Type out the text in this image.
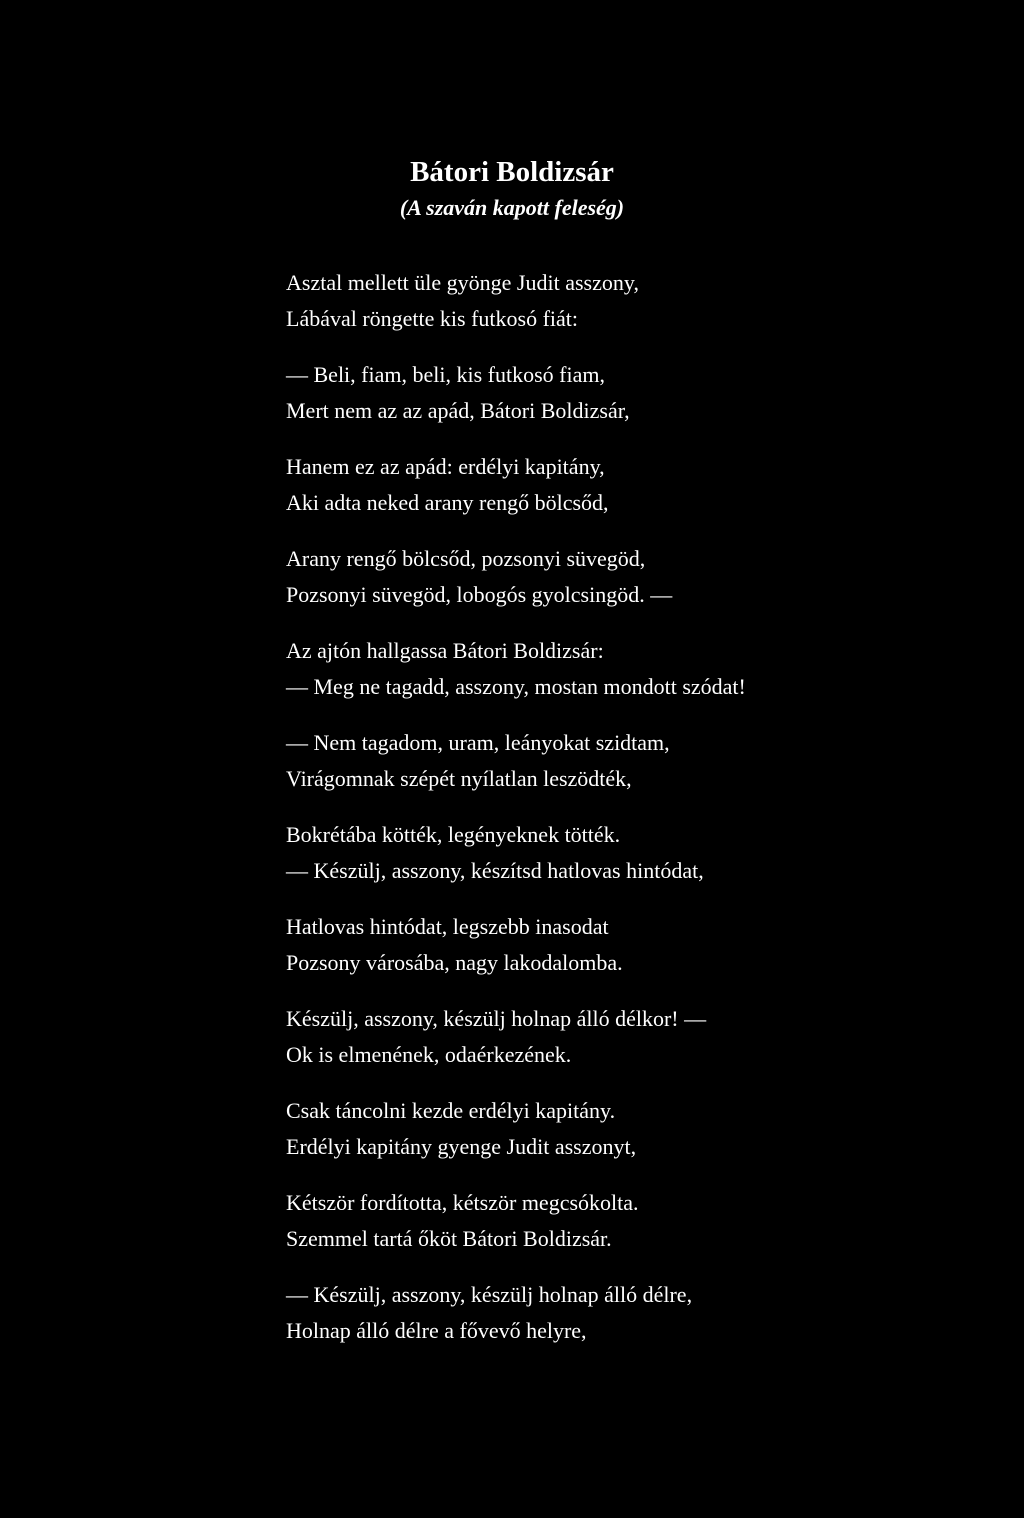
Bátori Boldizsár
(A szaván kapott feleség)
Asztal mellett üle gyönge Judit asszony,
Lábával röngette kis futkosó fiát:
— Beli, fiam, beli, kis futkosó fiam,
Mert nem az az apád, Bátori Boldizsár,
Hanem ez az apád: erdélyi kapitány,
Aki adta neked arany rengő bölcsőd,
Arany rengő bölcsőd, pozsonyi süvegöd,
Pozsonyi süvegöd, lobogós gyolcsingöd. —
Az ajtón hallgassa Bátori Boldizsár:
— Meg ne tagadd, asszony, mostan mondott szódat!
— Nem tagadom, uram, leányokat szidtam,
Virágomnak szépét nyílatlan leszödték,
Bokrétába kötték, legényeknek tötték.
— Készülj, asszony, készítsd hatlovas hintódat,
Hatlovas hintódat, legszebb inasodat
Pozsony városába, nagy lakodalomba.
Készülj, asszony, készülj holnap álló délkor! —
Ok is elmenének, odaérkezének.
Csak táncolni kezde erdélyi kapitány.
Erdélyi kapitány gyenge Judit asszonyt,
Kétször fordította, kétször megcsókolta.
Szemmel tartá őköt Bátori Boldizsár.
— Készülj, asszony, készülj holnap álló délre,
Holnap álló délre a fővevő helyre,
